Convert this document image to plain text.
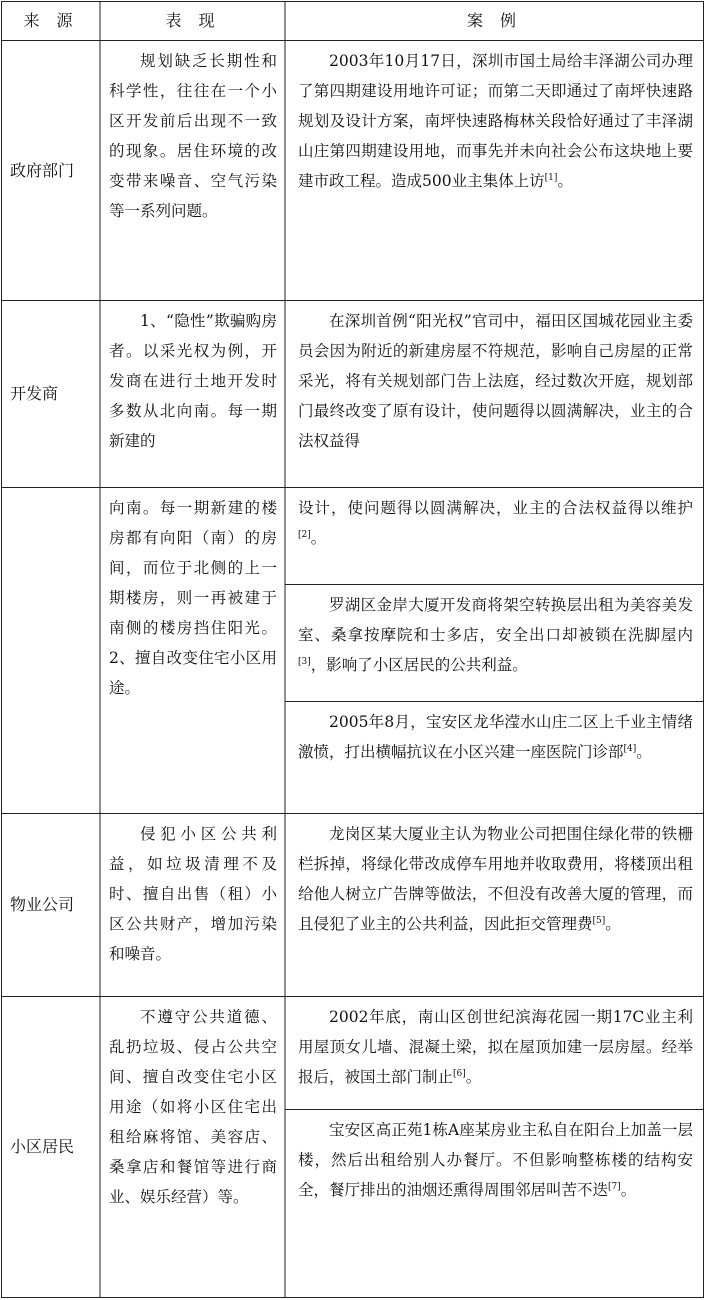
来 源	表 现	案 例
政府部门
规划缺乏长期性和科学性，往往在一个小区开发前后出现不一致的现象。居住环境的改变带来噪音、空气污染等一系列问题。
2003年10月17日，深圳市国土局给丰泽湖公司办理了第四期建设用地许可证；而第二天即通过了南坪快速路规划及设计方案，南坪快速路梅林关段恰好通过了丰泽湖山庄第四期建设用地，而事先并未向社会公布这块地上要建市政工程。造成500业主集体上访[1]。
开发商
1、“隐性”欺骗购房者。以采光权为例，开发商在进行土地开发时多数从北向南。每一期新建的
在深圳首例“阳光权”官司中，福田区国城花园业主委员会因为附近的新建房屋不符规范，影响自己房屋的正常采光，将有关规划部门告上法庭，经过数次开庭，规划部门最终改变了原有设计，使问题得以圆满解决，业主的合法权益得
向南。每一期新建的楼房都有向阳（南）的房间，而位于北侧的上一期楼房，则一再被建于南侧的楼房挡住阳光。2、擅自改变住宅小区用途。
设计，使问题得以圆满解决，业主的合法权益得以维护[2]。
罗湖区金岸大厦开发商将架空转换层出租为美容美发室、桑拿按摩院和士多店，安全出口却被锁在洗脚屋内[3]，影响了小区居民的公共利益。
2005年8月，宝安区龙华滢水山庄二区上千业主情绪激愤，打出横幅抗议在小区兴建一座医院门诊部[4]。
物业公司
侵犯小区公共利益，如垃圾清理不及时、擅自出售（租）小区公共财产，增加污染和噪音。
龙岗区某大厦业主认为物业公司把围住绿化带的铁栅栏拆掉，将绿化带改成停车用地并收取费用，将楼顶出租给他人树立广告牌等做法，不但没有改善大厦的管理，而且侵犯了业主的公共利益，因此拒交管理费[5]。
小区居民
不遵守公共道德、乱扔垃圾、侵占公共空间、擅自改变住宅小区用途（如将小区住宅出租给麻将馆、美容店、桑拿店和餐馆等进行商业、娱乐经营）等。
2002年底，南山区创世纪滨海花园一期17C业主利用屋顶女儿墙、混凝土梁，拟在屋顶加建一层房屋。经举报后，被国土部门制止[6]。
宝安区高正苑1栋A座某房业主私自在阳台上加盖一层楼，然后出租给别人办餐厅。不但影响整栋楼的结构安全，餐厅排出的油烟还熏得周围邻居叫苦不迭[7]。
